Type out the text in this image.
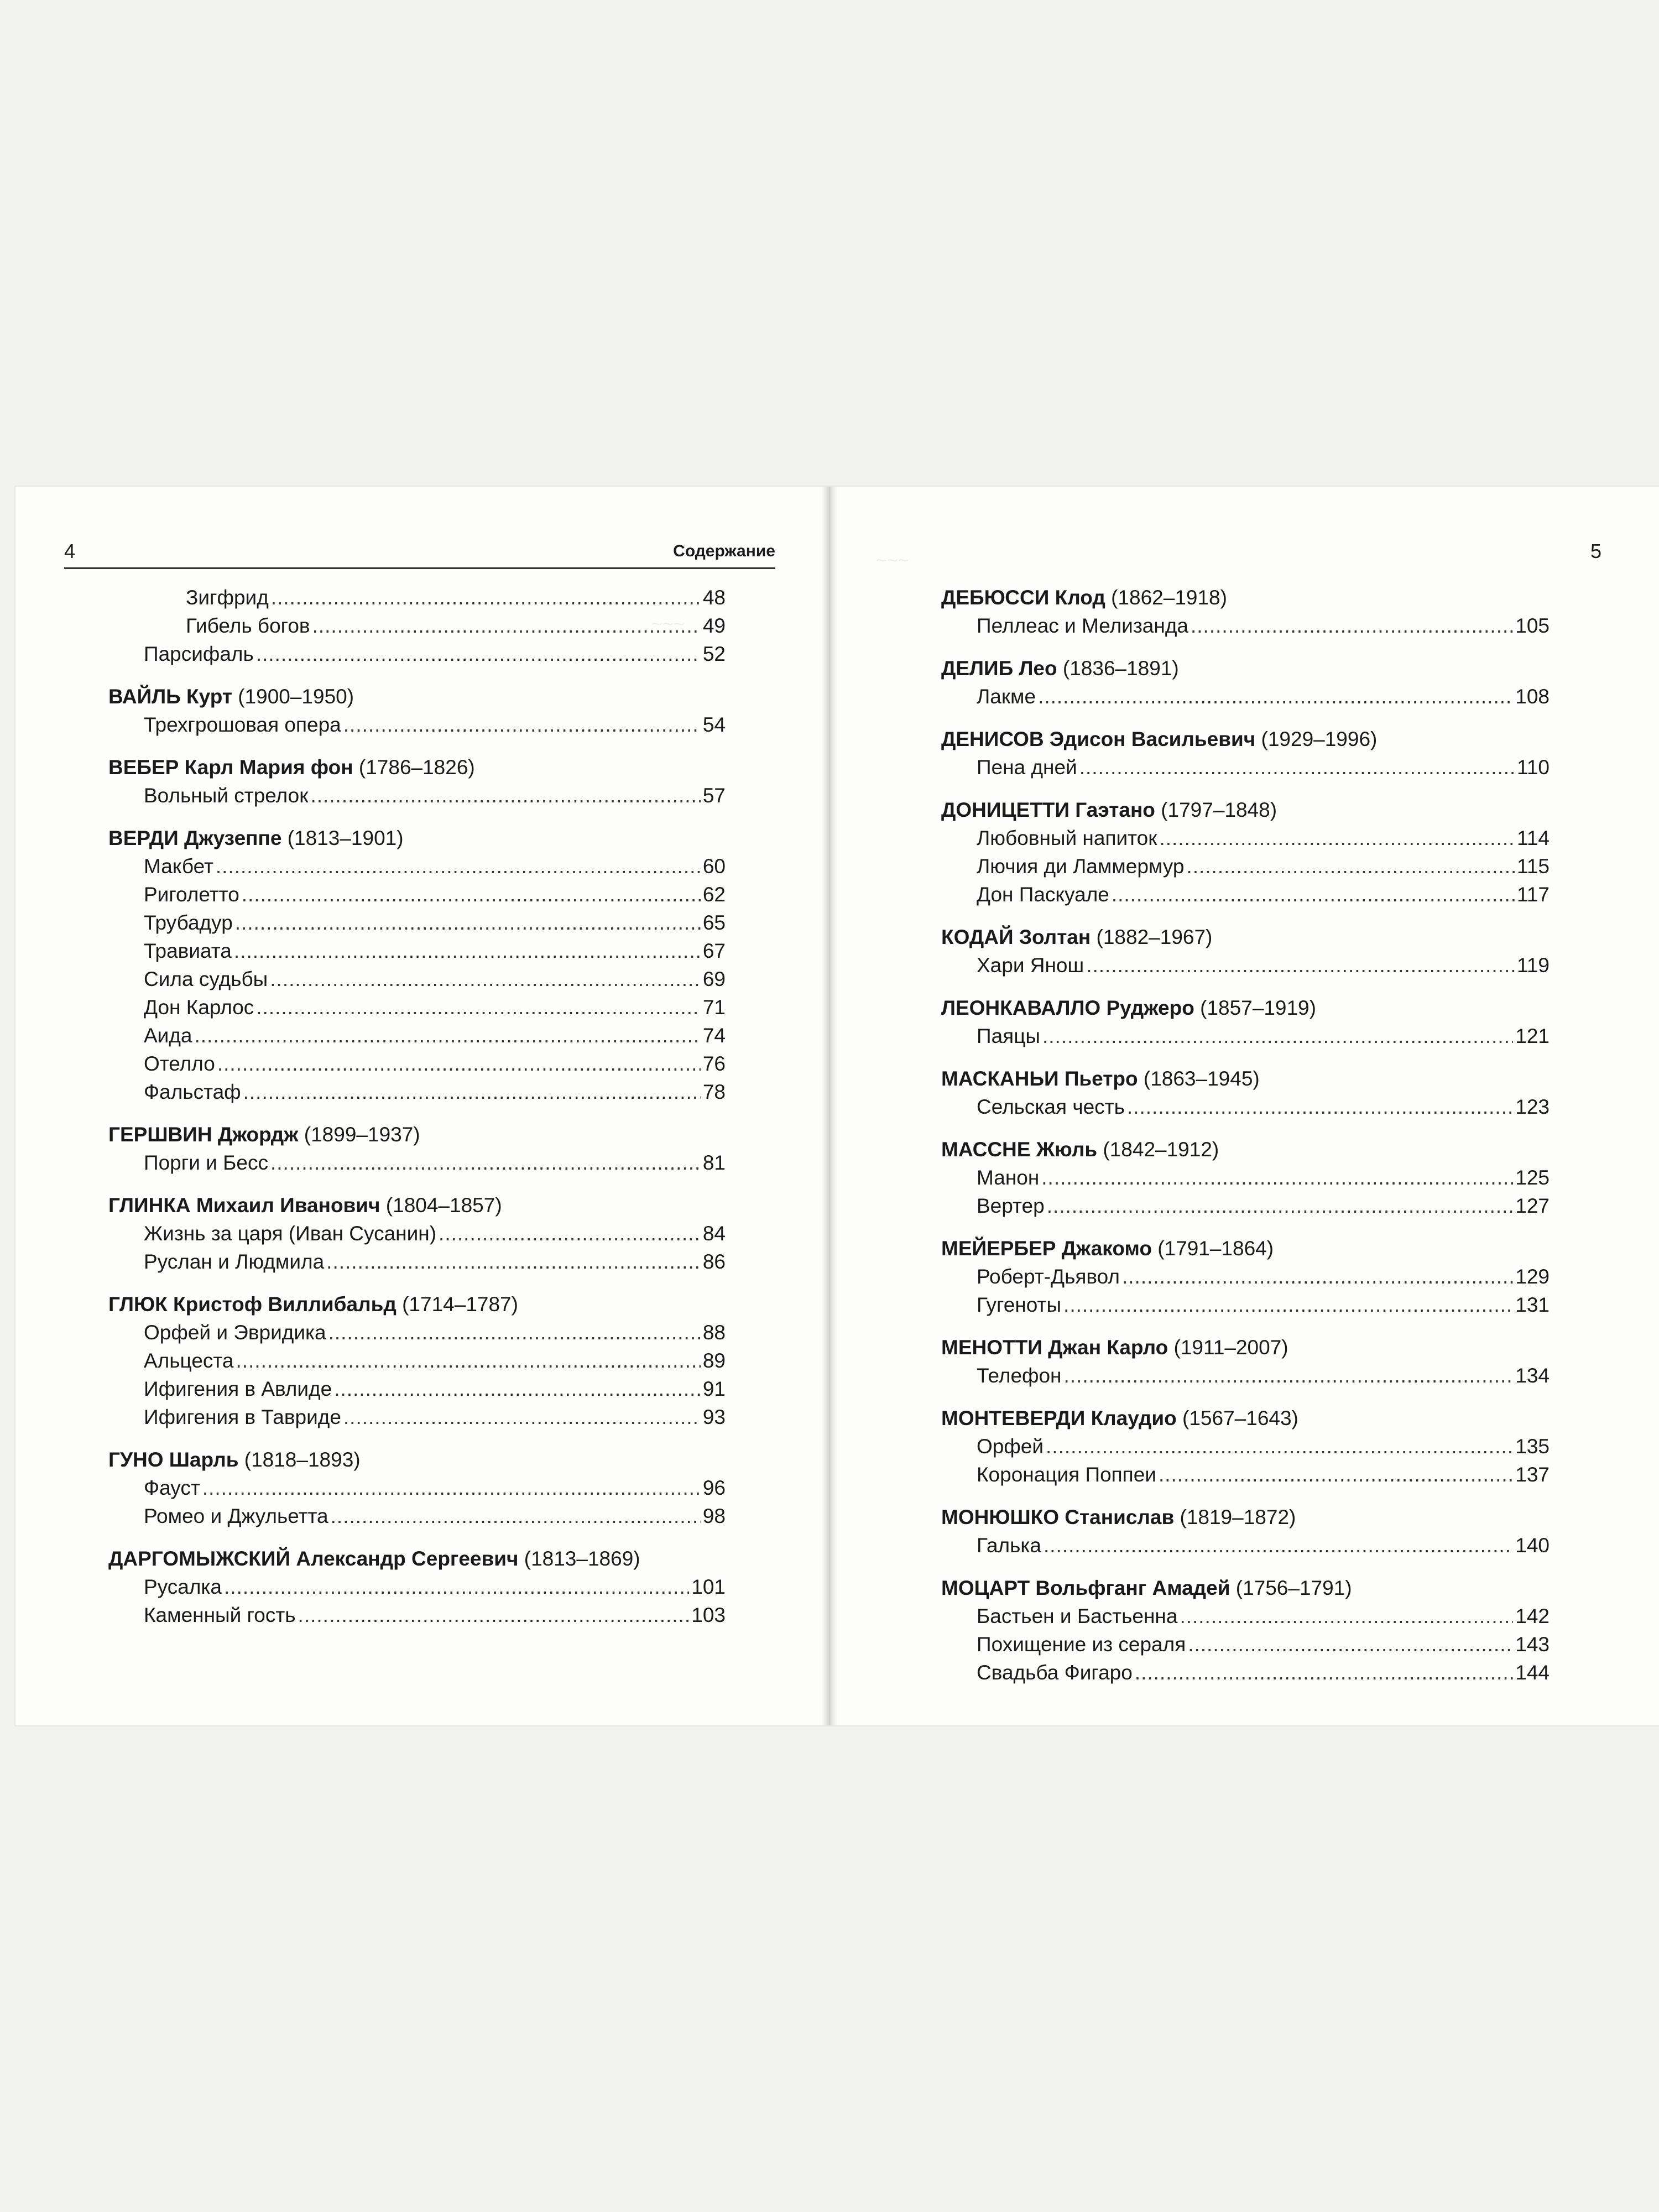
4	Содержание
Зигфрид .....	48
Гибель богов .....	49
Парсифаль .....	52
ВАЙЛЬ Курт (1900–1950)
Трехгрошовая опера .....	54
ВЕБЕР Карл Мария фон (1786–1826)
Вольный стрелок .....	57
ВЕРДИ Джузеппе (1813–1901)
Макбет .....	60
Риголетто .....	62
Трубадур .....	65
Травиата .....	67
Сила судьбы .....	69
Дон Карлос .....	71
Аида .....	74
Отелло .....	76
Фальстаф .....	78
ГЕРШВИН Джордж (1899–1937)
Порги и Бесс .....	81
ГЛИНКА Михаил Иванович (1804–1857)
Жизнь за царя (Иван Сусанин) .....	84
Руслан и Людмила .....	86
ГЛЮК Кристоф Виллибальд (1714–1787)
Орфей и Эвридика .....	88
Альцеста .....	89
Ифигения в Авлиде .....	91
Ифигения в Тавриде .....	93
ГУНО Шарль (1818–1893)
Фауст .....	96
Ромео и Джульетта .....	98
ДАРГОМЫЖСКИЙ Александр Сергеевич (1813–1869)
Русалка .....	101
Каменный гость .....	103
~~~
5
ДЕБЮССИ Клод (1862–1918)
Пеллеас и Мелизанда .....	105
ДЕЛИБ Лео (1836–1891)
Лакме .....	108
ДЕНИСОВ Эдисон Васильевич (1929–1996)
Пена дней .....	110
ДОНИЦЕТТИ Гаэтано (1797–1848)
Любовный напиток .....	114
Лючия ди Ламмермур .....	115
Дон Паскуале .....	117
КОДАЙ Золтан (1882–1967)
Хари Янош .....	119
ЛЕОНКАВАЛЛО Руджеро (1857–1919)
Паяцы .....	121
МАСКАНЬИ Пьетро (1863–1945)
Сельская честь .....	123
МАССНЕ Жюль (1842–1912)
Манон .....	125
Вертер .....	127
МЕЙЕРБЕР Джакомо (1791–1864)
Роберт-Дьявол .....	129
Гугеноты .....	131
МЕНОТТИ Джан Карло (1911–2007)
Телефон .....	134
МОНТЕВЕРДИ Клаудио (1567–1643)
Орфей .....	135
Коронация Поппеи .....	137
МОНЮШКО Станислав (1819–1872)
Галька .....	140
МОЦАРТ Вольфганг Амадей (1756–1791)
Бастьен и Бастьенна .....	142
Похищение из сераля .....	143
Свадьба Фигаро .....	144
~~~
